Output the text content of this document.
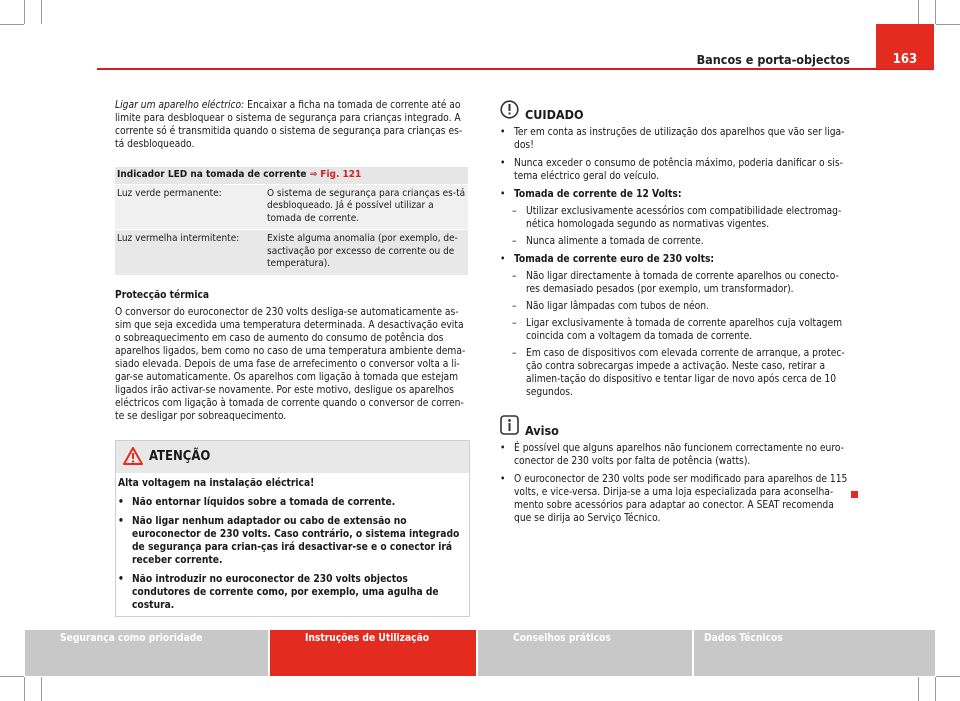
Bancos e porta-objectos	163

Ligar um aparelho eléctrico: Encaixar a ficha na tomada de corrente até ao limite para desbloquear o sistema de segurança para crianças integrado. A corrente só é transmitida quando o sistema de segurança para crianças es-tá desbloqueado.

Indicador LED na tomada de corrente ⇒ Fig. 121	
Luz verde permanente:	O sistema de segurança para crianças es-tá desbloqueado. Já é possível utilizar a tomada de corrente.
Luz vermelha intermitente:	Existe alguma anomalia (por exemplo, de-sactivação por excesso de corrente ou de temperatura).

Protecção térmica

O conversor do euroconector de 230 volts desliga-se automaticamente as-sim que seja excedida uma temperatura determinada. A desactivação evita o sobreaquecimento em caso de aumento do consumo de potência dos aparelhos ligados, bem como no caso de uma temperatura ambiente dema-siado elevada. Depois de uma fase de arrefecimento o conversor volta a li-gar-se automaticamente. Os aparelhos com ligação à tomada que estejam ligados irão activar-se novamente. Por este motivo, desligue os aparelhos eléctricos com ligação à tomada de corrente quando o conversor de corren-te se desligar por sobreaquecimento.

ATENÇÃO

Alta voltagem na instalação eléctrica!

• Não entornar líquidos sobre a tomada de corrente.
• Não ligar nenhum adaptador ou cabo de extensão no euroconector de 230 volts. Caso contrário, o sistema integrado de segurança para crian-ças irá desactivar-se e o conector irá receber corrente.
• Não introduzir no euroconector de 230 volts objectos condutores de corrente como, por exemplo, uma agulha de costura.
CUIDADO
• Ter em conta as instruções de utilização dos aparelhos que vão ser liga-dos!
• Nunca exceder o consumo de potência máximo, poderia danificar o sis-tema eléctrico geral do veículo.
• Tomada de corrente de 12 Volts:
– Utilizar exclusivamente acessórios com compatibilidade electromag-nética homologada segundo as normativas vigentes.
– Nunca alimente a tomada de corrente.
• Tomada de corrente euro de 230 volts:
– Não ligar directamente à tomada de corrente aparelhos ou conecto-res demasiado pesados (por exemplo, um transformador).
– Não ligar lâmpadas com tubos de néon.
– Ligar exclusivamente à tomada de corrente aparelhos cuja voltagem coincida com a voltagem da tomada de corrente.
– Em caso de dispositivos com elevada corrente de arranque, a protec-ção contra sobrecargas impede a activação. Neste caso, retirar a alimen-tação do dispositivo e tentar ligar de novo após cerca de 10 segundos.
Aviso
• É possível que alguns aparelhos não funcionem correctamente no euro-conector de 230 volts por falta de potência (watts).
• O euroconector de 230 volts pode ser modificado para aparelhos de 115 volts, e vice-versa. Dirija-se a uma loja especializada para aconselha-mento sobre acessórios para adaptar ao conector. A SEAT recomenda que se dirija ao Serviço Técnico.
Segurança como prioridade	Instruções de Utilização	Conselhos práticos	Dados Técnicos
